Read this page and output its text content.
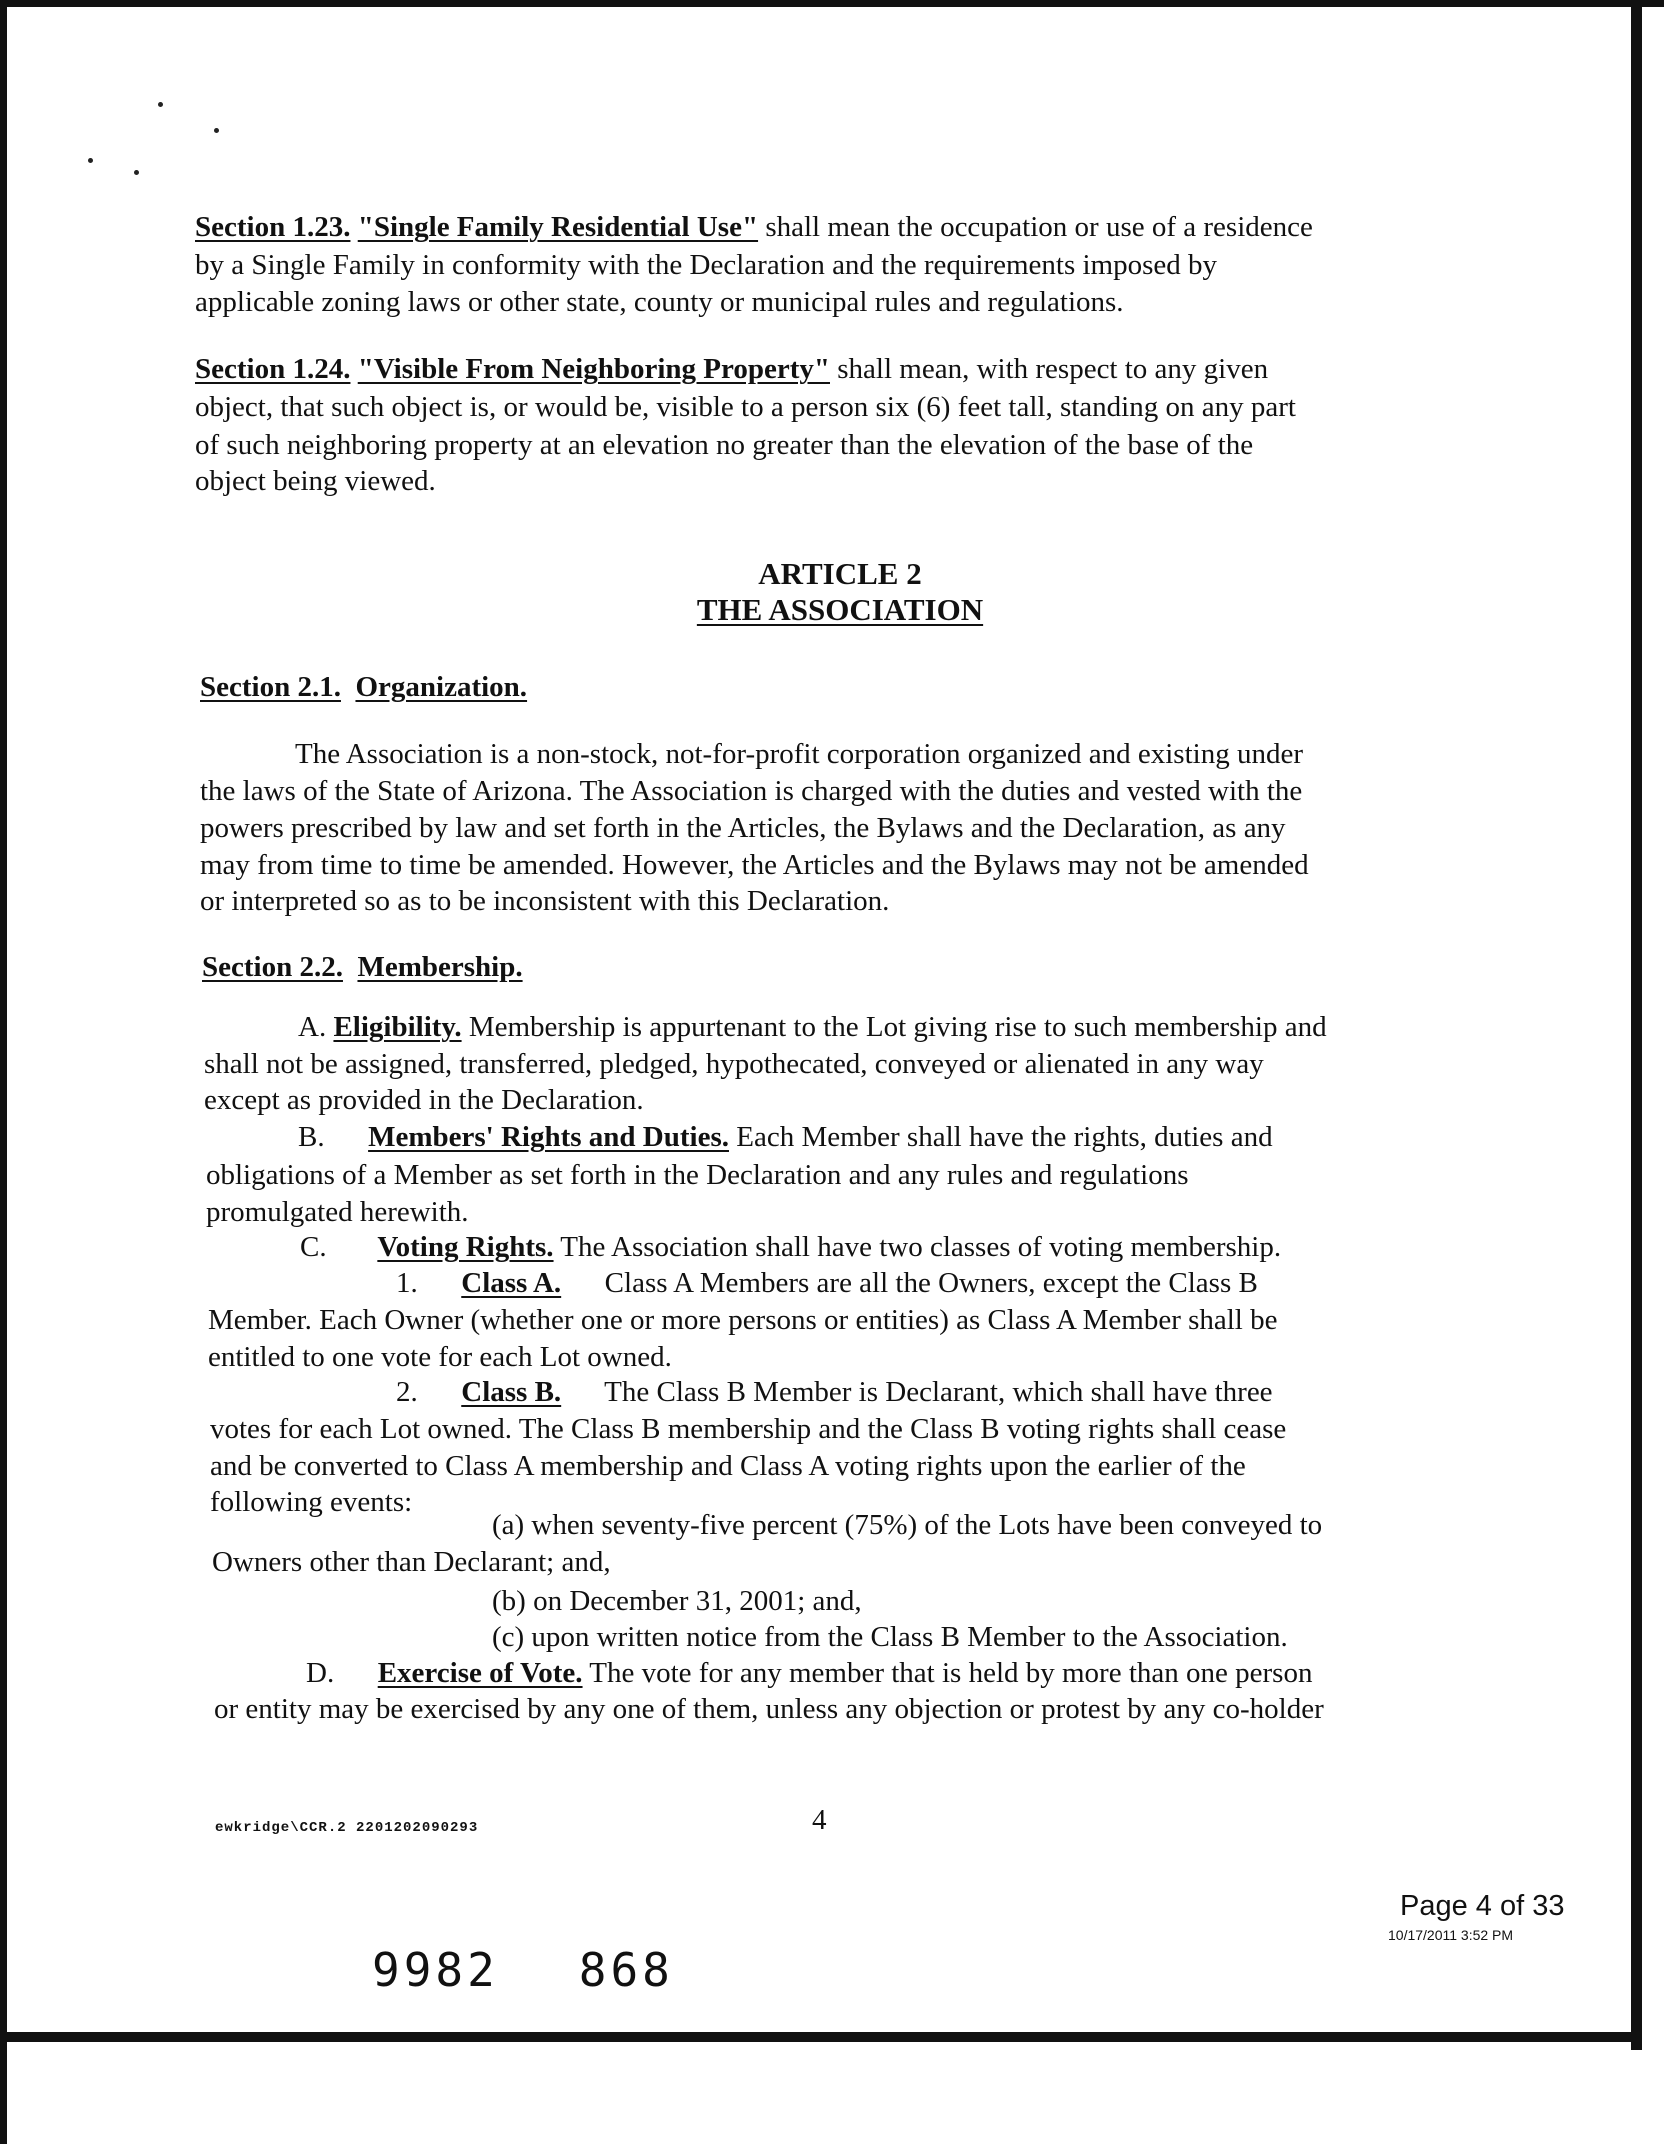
Section 1.23. "Single Family Residential Use" shall mean the occupation or use of a residence
by a Single Family in conformity with the Declaration and the requirements imposed by
applicable zoning laws or other state, county or municipal rules and regulations.
Section 1.24. "Visible From Neighboring Property" shall mean, with respect to any given
object, that such object is, or would be, visible to a person six (6) feet tall, standing on any part
of such neighboring property at an elevation no greater than the elevation of the base of the
object being viewed.
ARTICLE 2
THE ASSOCIATION
Section 2.1. Organization.
The Association is a non-stock, not-for-profit corporation organized and existing under
the laws of the State of Arizona. The Association is charged with the duties and vested with the
powers prescribed by law and set forth in the Articles, the Bylaws and the Declaration, as any
may from time to time be amended. However, the Articles and the Bylaws may not be amended
or interpreted so as to be inconsistent with this Declaration.
Section 2.2. Membership.
A. Eligibility. Membership is appurtenant to the Lot giving rise to such membership and
shall not be assigned, transferred, pledged, hypothecated, conveyed or alienated in any way
except as provided in the Declaration.
B. Members' Rights and Duties. Each Member shall have the rights, duties and
obligations of a Member as set forth in the Declaration and any rules and regulations
promulgated herewith.
C. Voting Rights. The Association shall have two classes of voting membership.
1. Class A. Class A Members are all the Owners, except the Class B
Member. Each Owner (whether one or more persons or entities) as Class A Member shall be
entitled to one vote for each Lot owned.
2. Class B. The Class B Member is Declarant, which shall have three
votes for each Lot owned. The Class B membership and the Class B voting rights shall cease
and be converted to Class A membership and Class A voting rights upon the earlier of the
following events:
(a) when seventy-five percent (75%) of the Lots have been conveyed to
Owners other than Declarant; and,
(b) on December 31, 2001; and,
(c) upon written notice from the Class B Member to the Association.
D. Exercise of Vote. The vote for any member that is held by more than one person
or entity may be exercised by any one of them, unless any objection or protest by any co-holder
ewkridge\CCR.2 2201202090293	4
Page 4 of 33
10/17/2011 3:52 PM
9982 868
